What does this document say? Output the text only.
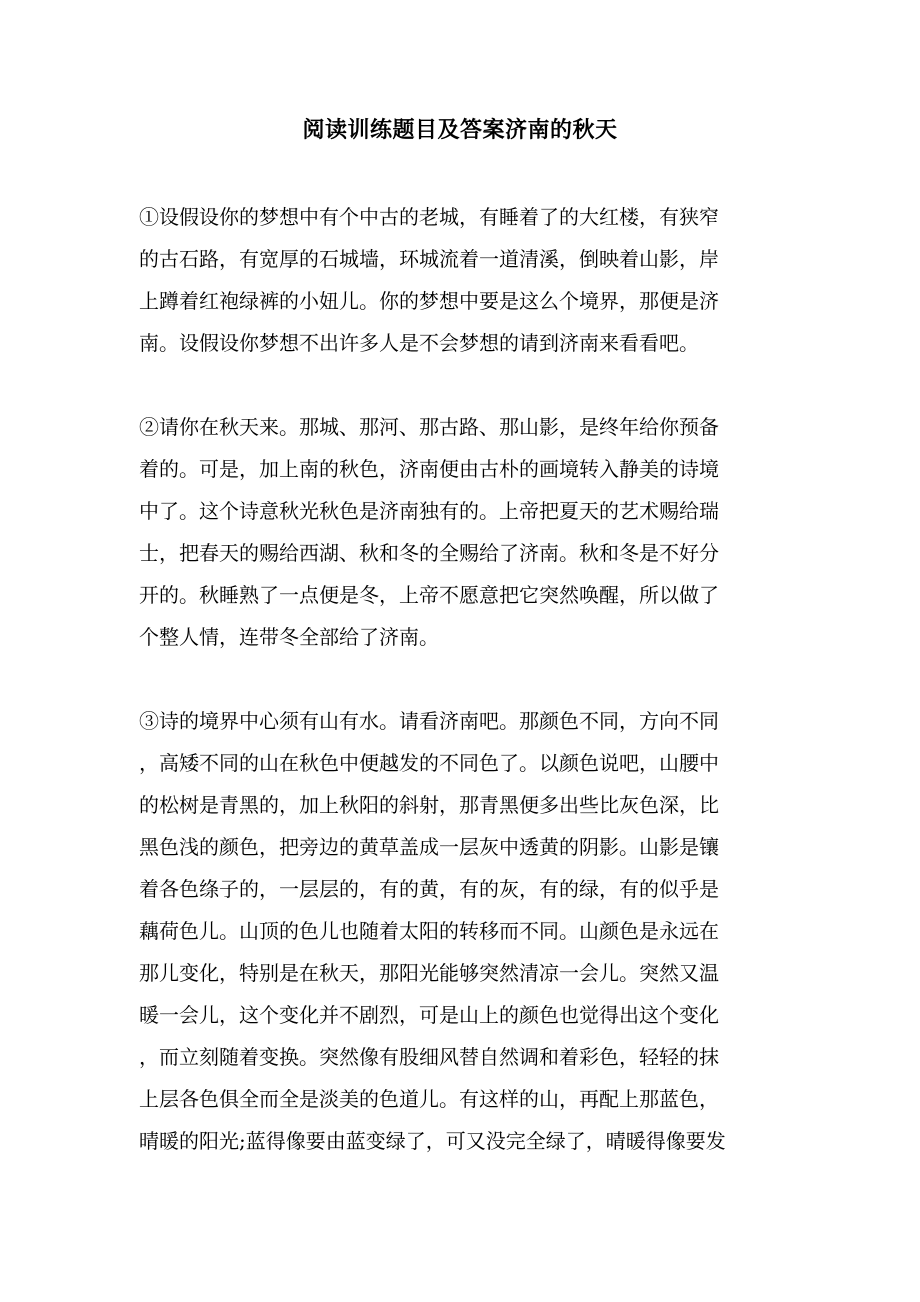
阅读训练题目及答案济南的秋天
①设假设你的梦想中有个中古的老城，有睡着了的大红楼，有狭窄
的古石路，有宽厚的石城墙，环城流着一道清溪，倒映着山影，岸
上蹲着红袍绿裤的小妞儿。你的梦想中要是这么个境界，那便是济
南。设假设你梦想不出许多人是不会梦想的请到济南来看看吧。
②请你在秋天来。那城、那河、那古路、那山影，是终年给你预备
着的。可是，加上南的秋色，济南便由古朴的画境转入静美的诗境
中了。这个诗意秋光秋色是济南独有的。上帝把夏天的艺术赐给瑞
士，把春天的赐给西湖、秋和冬的全赐给了济南。秋和冬是不好分
开的。秋睡熟了一点便是冬，上帝不愿意把它突然唤醒，所以做了
个整人情，连带冬全部给了济南。
③诗的境界中心须有山有水。请看济南吧。那颜色不同，方向不同
，高矮不同的山在秋色中便越发的不同色了。以颜色说吧，山腰中
的松树是青黑的，加上秋阳的斜射，那青黑便多出些比灰色深，比
黑色浅的颜色，把旁边的黄草盖成一层灰中透黄的阴影。山影是镶
着各色绦子的，一层层的，有的黄，有的灰，有的绿，有的似乎是
藕荷色儿。山顶的色儿也随着太阳的转移而不同。山颜色是永远在
那儿变化，特别是在秋天，那阳光能够突然清凉一会儿。突然又温
暖一会儿，这个变化并不剧烈，可是山上的颜色也觉得出这个变化
，而立刻随着变换。突然像有股细风替自然调和着彩色，轻轻的抹
上层各色俱全而全是淡美的色道儿。有这样的山，再配上那蓝色，
晴暖的阳光;蓝得像要由蓝变绿了，可又没完全绿了，晴暖得像要发
